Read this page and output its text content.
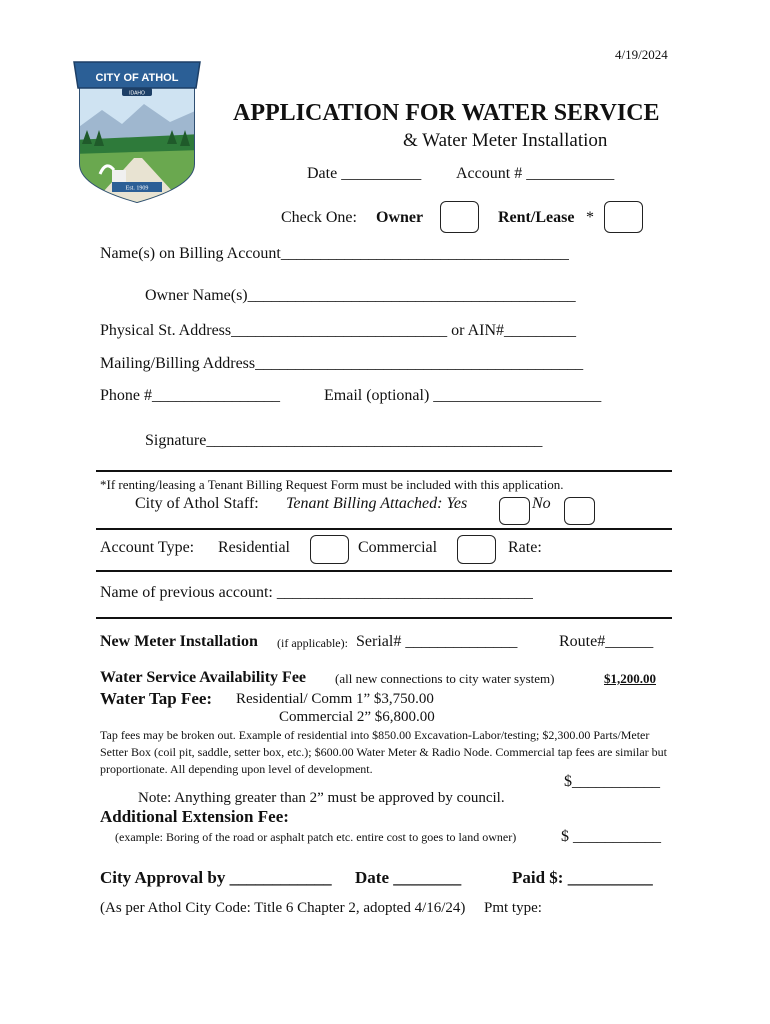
4/19/2024
CITY OF ATHOL
IDAHO
Est. 1909
APPLICATION FOR WATER SERVICE
& Water Meter Installation
Date __________ Account # ___________
Check One: Owner	Rent/Lease *
Name(s) on Billing Account____________________________________
Owner Name(s)_________________________________________
Physical St. Address___________________________ or AIN#_________
Mailing/Billing Address_________________________________________
Phone #________________	Email (optional) _____________________
Signature__________________________________________
*If renting/leasing a Tenant Billing Request Form must be included with this application.
City of Athol Staff: Tenant Billing Attached: Yes	No
Account Type: Residential	Commercial	Rate:
Name of previous account: ________________________________
New Meter Installation (if applicable): Serial# ______________	Route#______
Water Service Availability Fee (all new connections to city water system)	$1,200.00
Water Tap Fee: Residential/ Comm 1” $3,750.00
Commercial 2” $6,800.00
Tap fees may be broken out. Example of residential into $850.00 Excavation-Labor/testing; $2,300.00 Parts/Meter Setter Box (coil pit, saddle, setter box, etc.); $600.00 Water Meter & Radio Node. Commercial tap fees are similar but proportionate. All depending upon level of development.
$___________
Note: Anything greater than 2” must be approved by council.
Additional Extension Fee:
(example: Boring of the road or asphalt patch etc. entire cost to goes to land owner)	$ ___________
City Approval by ____________ Date ________	Paid $: __________
(As per Athol City Code: Title 6 Chapter 2, adopted 4/16/24) Pmt type:
